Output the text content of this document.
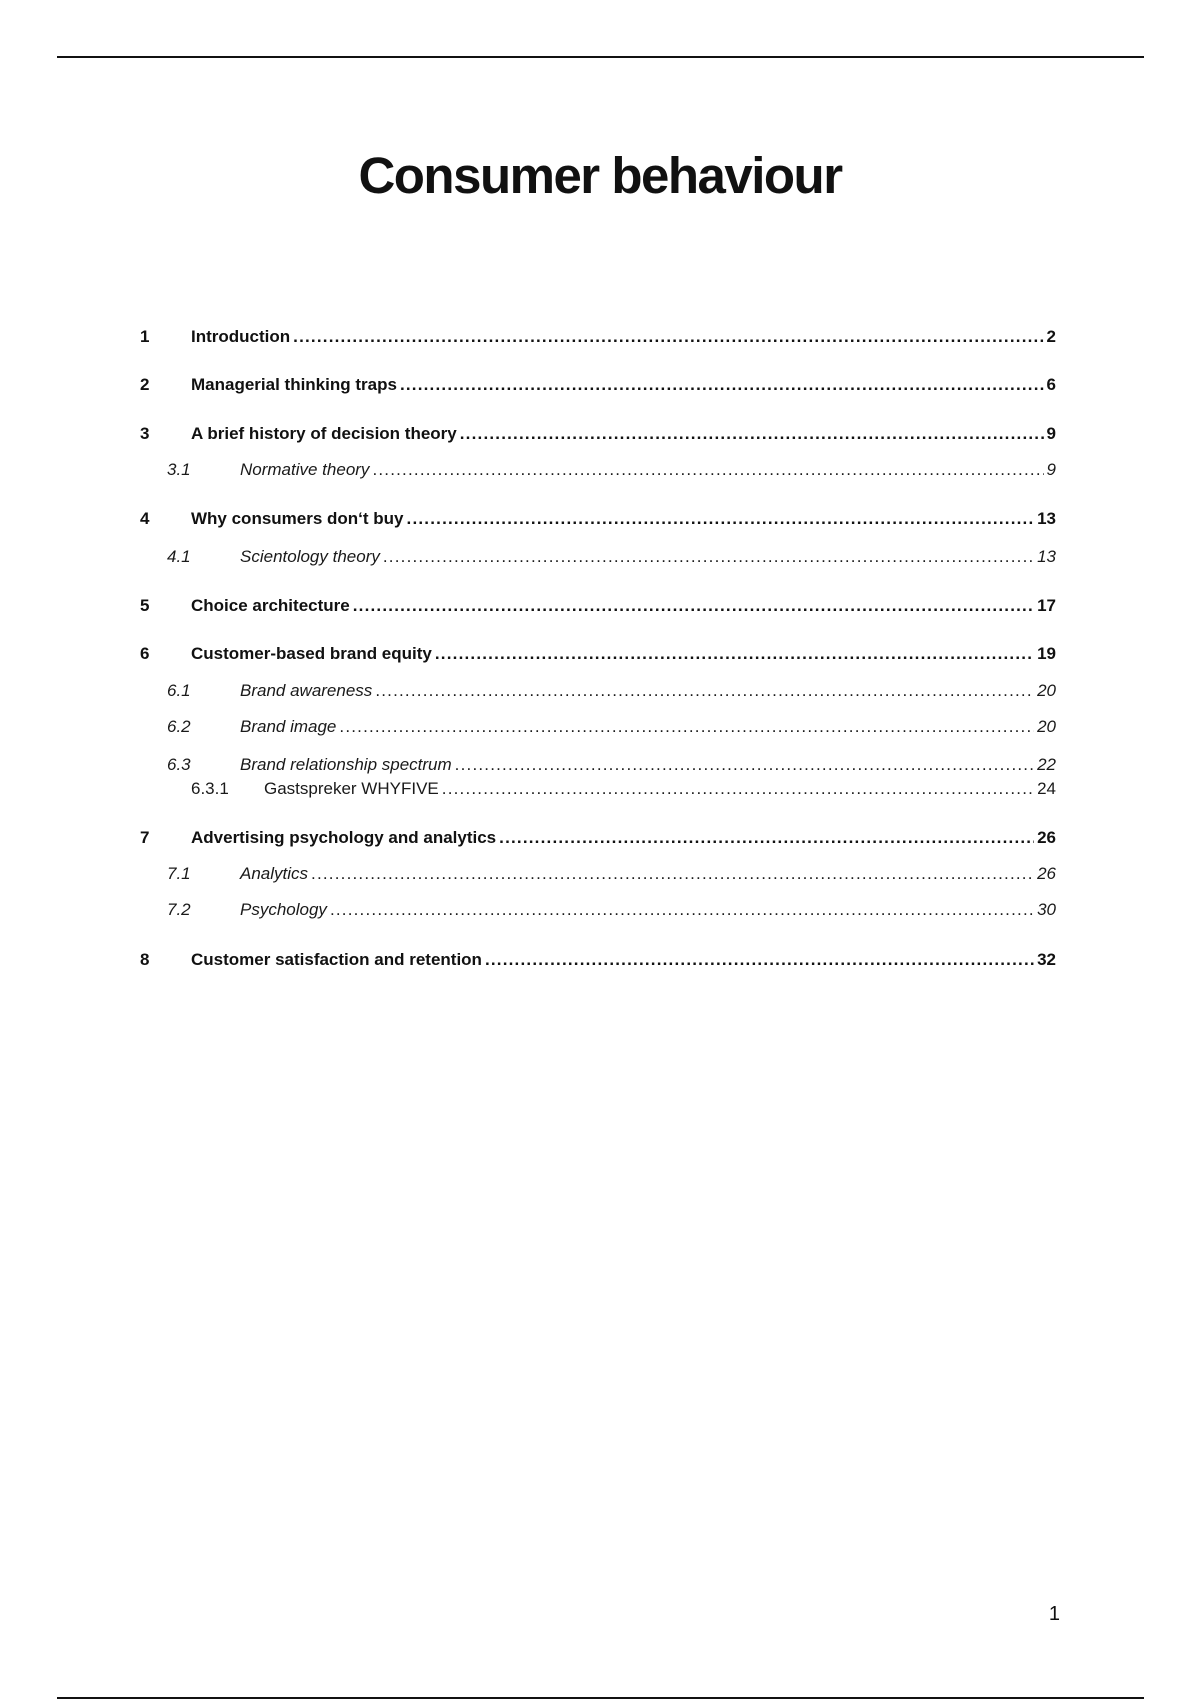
Consumer behaviour
1	Introduction .....	2
2	Managerial thinking traps .....	6
3	A brief history of decision theory .....	9
3.1	Normative theory .....	9
4	Why consumers don‘t buy .....	13
4.1	Scientology theory .....	13
5	Choice architecture .....	17
6	Customer-based brand equity .....	19
6.1	Brand awareness .....	20
6.2	Brand image .....	20
6.3	Brand relationship spectrum .....	22
6.3.1	Gastspreker WHYFIVE .....	24
7	Advertising psychology and analytics .....	26
7.1	Analytics .....	26
7.2	Psychology .....	30
8	Customer satisfaction and retention .....	32
1
